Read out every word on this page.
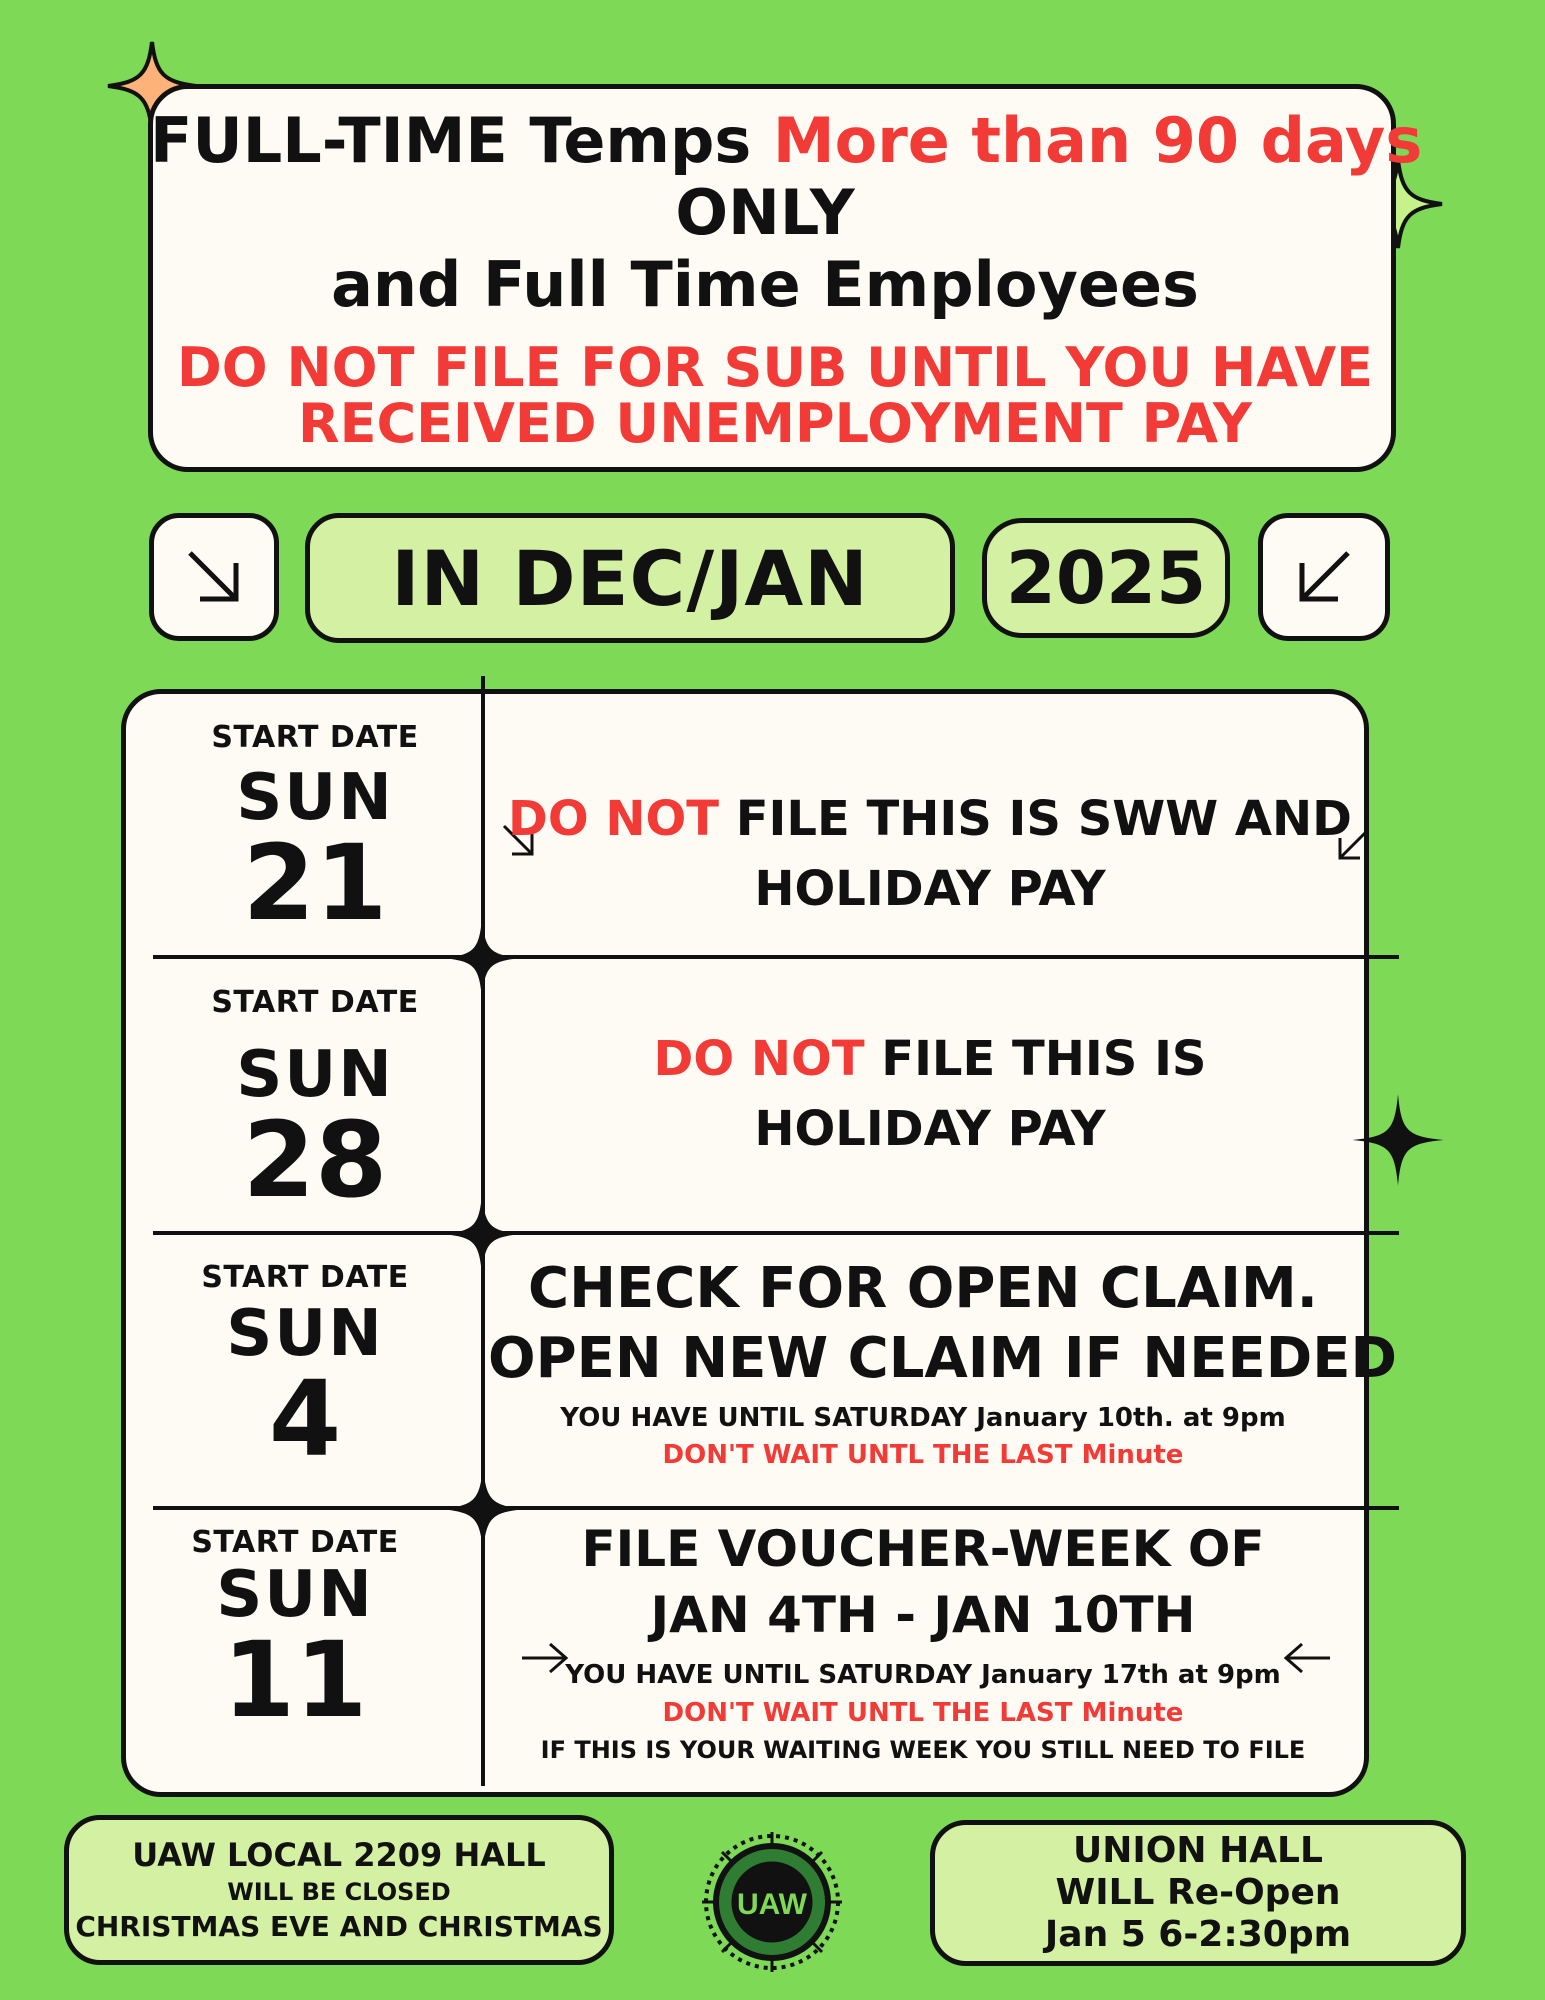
FULL-TIME Temps More than 90 days
ONLY
and Full Time Employees
DO NOT FILE FOR SUB UNTIL YOU HAVE
RECEIVED UNEMPLOYMENT PAY
IN DEC/JAN 2025
START DATE
SUN
21
DO NOT FILE THIS IS SWW AND
HOLIDAY PAY
START DATE
SUN
28
DO NOT FILE THIS IS
HOLIDAY PAY
START DATE
SUN
4
CHECK FOR OPEN CLAIM.
OPEN NEW CLAIM IF NEEDED
YOU HAVE UNTIL SATURDAY January 10th. at 9pm
DON'T WAIT UNTL THE LAST Minute
START DATE
SUN
11
FILE VOUCHER-WEEK OF
JAN 4TH - JAN 10TH
YOU HAVE UNTIL SATURDAY January 17th at 9pm
DON'T WAIT UNTL THE LAST Minute
IF THIS IS YOUR WAITING WEEK YOU STILL NEED TO FILE
UAW LOCAL 2209 HALL
WILL BE CLOSED
CHRISTMAS EVE AND CHRISTMAS
UAW
UNION HALL
WILL Re-Open
Jan 5 6-2:30pm
